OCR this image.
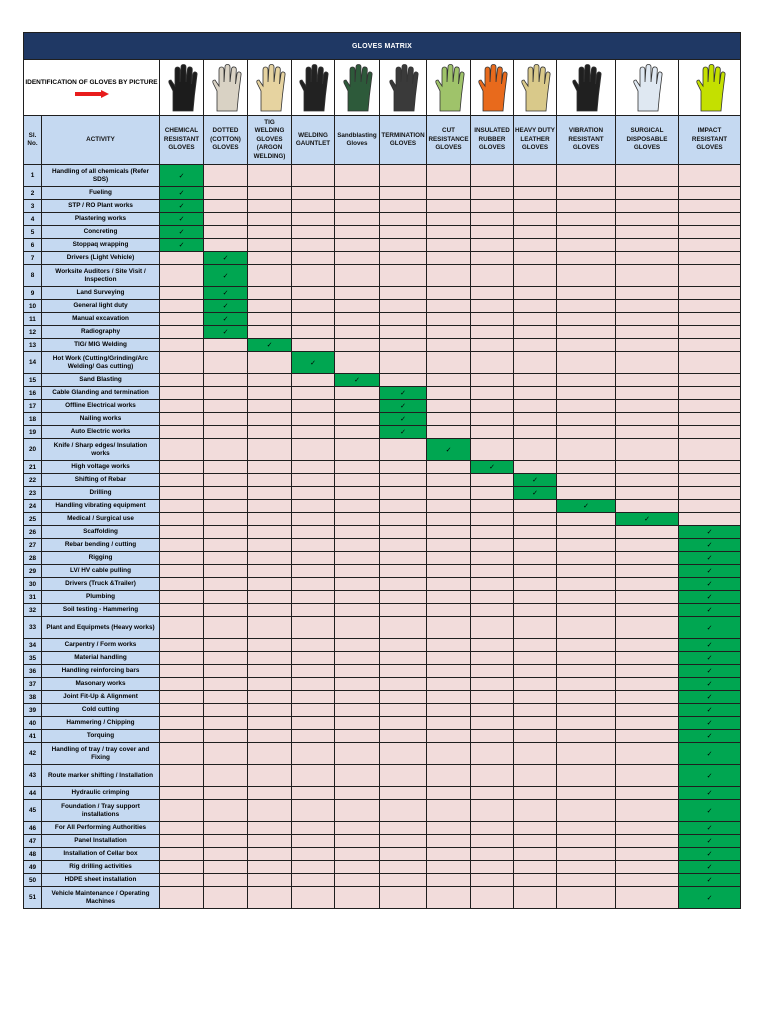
GLOVES MATRIX													

IDENTIFICATION OF GLOVES BY PICTURE

Sl. No.	ACTIVITY	CHEMICAL RESISTANT GLOVES	DOTTED (COTTON) GLOVES	TIG WELDING GLOVES (ARGON WELDING)	WELDING GAUNTLET	Sandblasting Gloves	TERMINATION GLOVES	CUT RESISTANCE GLOVES	INSULATED RUBBER GLOVES	HEAVY DUTY LEATHER GLOVES	VIBRATION RESISTANT GLOVES	SURGICAL DISPOSABLE GLOVES	IMPACT RESISTANT GLOVES
1	Handling of all chemicals (Refer SDS)	✓											
2	Fueling	✓											
3	STP / RO Plant works	✓											
4	Plastering works	✓											
5	Concreting	✓											
6	Stoppaq wrapping	✓											
7	Drivers (Light Vehicle)		✓										
8	Worksite Auditors / Site Visit / Inspection		✓										
9	Land Surveying		✓										
10	General light duty		✓										
11	Manual excavation		✓										
12	Radiography		✓										
13	TIG/ MIG Welding			✓									
14	Hot Work (Cutting/Grinding/Arc Welding/ Gas cutting)				✓								
15	Sand Blasting					✓							
16	Cable Glanding and termination						✓						
17	Offline Electrical works						✓						
18	Nailing works						✓						
19	Auto Electric works						✓						
20	Knife / Sharp edges/ Insulation works							✓					
21	High voltage works								✓				
22	Shifting of Rebar									✓			
23	Drilling									✓			
24	Handling vibrating equipment										✓		
25	Medical / Surgical use											✓	
26	Scaffolding												✓
27	Rebar bending / cutting												✓
28	Rigging												✓
29	LV/ HV cable pulling												✓
30	Drivers (Truck &Trailer)												✓
31	Plumbing												✓
32	Soil testing - Hammering												✓
33	Plant and Equipmets (Heavy works)												✓
34	Carpentry / Form works												✓
35	Material handling												✓
36	Handling reinforcing bars												✓
37	Masonary works												✓
38	Joint Fit-Up & Alignment												✓
39	Cold cutting												✓
40	Hammering / Chipping												✓
41	Torquing												✓
42	Handling of tray / tray cover and Fixing												✓
43	Route marker shifting / Installation												✓
44	Hydraulic crimping												✓
45	Foundation / Tray support installations												✓
46	For All Performing Authorities												✓
47	Panel Installation												✓
48	Installation of Cellar box												✓
49	Rig drilling activities												✓
50	HDPE sheet installation												✓
51	Vehicle Maintenance / Operating Machines												✓
